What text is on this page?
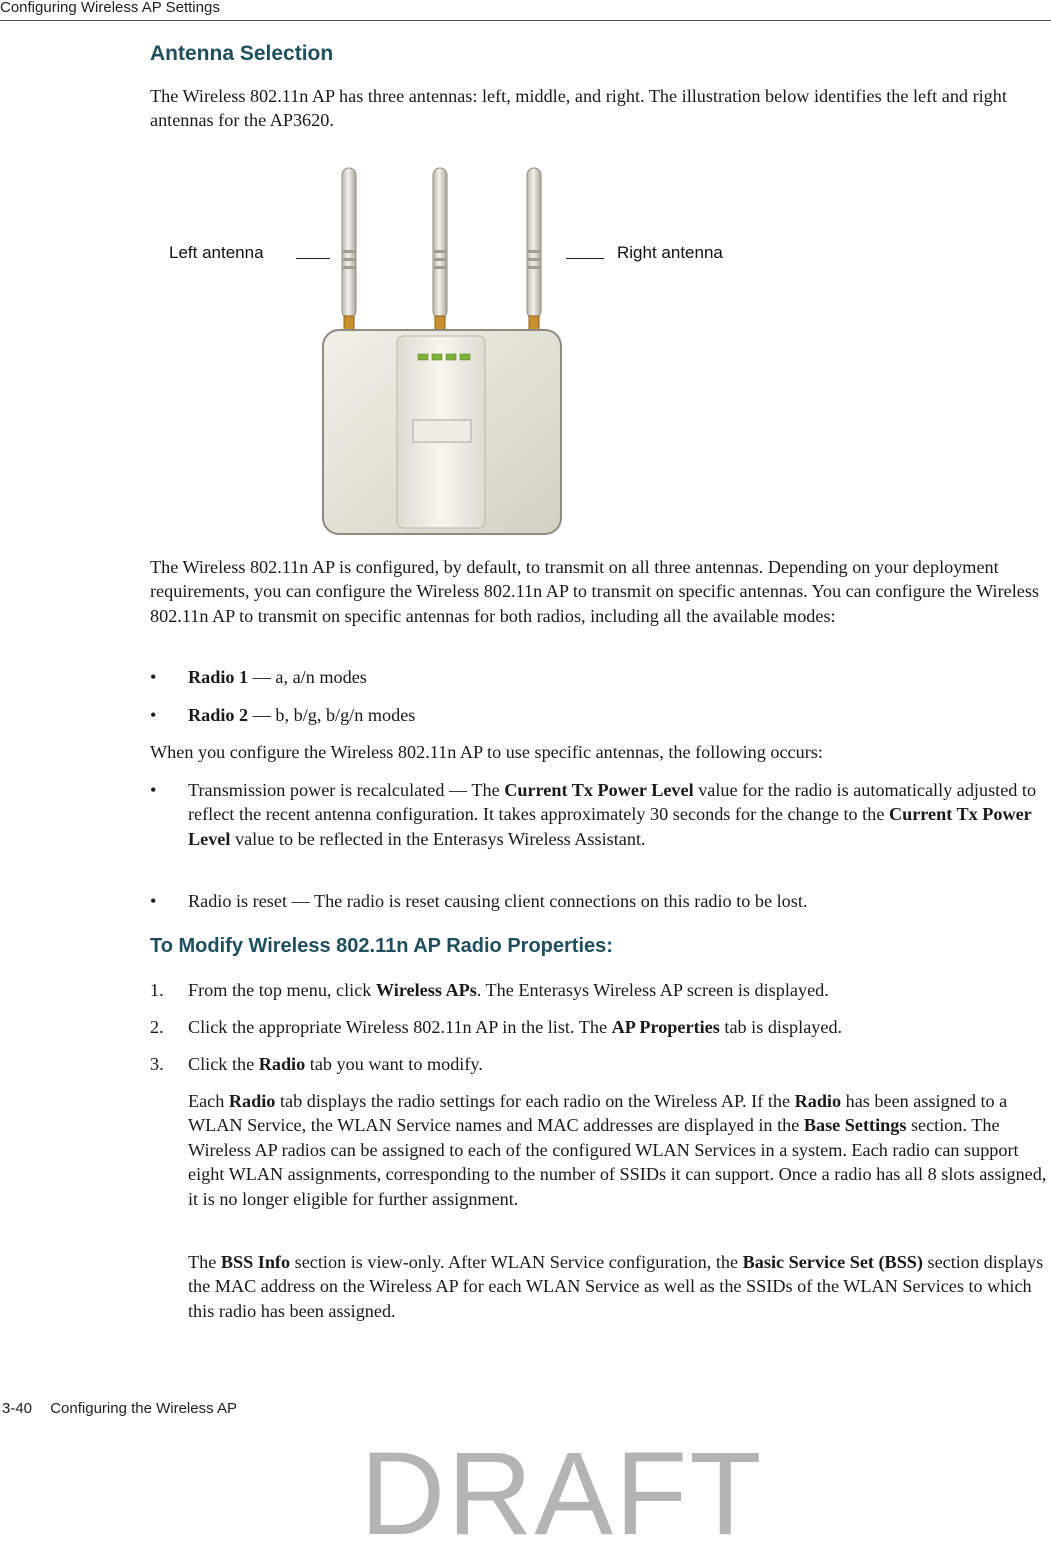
Configuring Wireless AP Settings
Antenna Selection

The Wireless 802.11n AP has three antennas: left, middle, and right. The illustration below identifies the left and right antennas for the AP3620.

Left antenna	Right antenna

The Wireless 802.11n AP is configured, by default, to transmit on all three antennas. Depending on your deployment requirements, you can configure the Wireless 802.11n AP to transmit on specific antennas. You can configure the Wireless 802.11n AP to transmit on specific antennas for both radios, including all the available modes:

• Radio 1 — a, a/n modes
• Radio 2 — b, b/g, b/g/n modes

When you configure the Wireless 802.11n AP to use specific antennas, the following occurs:

• Transmission power is recalculated — The Current Tx Power Level value for the radio is automatically adjusted to reflect the recent antenna configuration. It takes approximately 30 seconds for the change to the Current Tx Power Level value to be reflected in the Enterasys Wireless Assistant.
• Radio is reset — The radio is reset causing client connections on this radio to be lost.
To Modify Wireless 802.11n AP Radio Properties:
1. From the top menu, click Wireless APs. The Enterasys Wireless AP screen is displayed.
2. Click the appropriate Wireless 802.11n AP in the list. The AP Properties tab is displayed.
3. Click the Radio tab you want to modify.

Each Radio tab displays the radio settings for each radio on the Wireless AP. If the Radio has been assigned to a WLAN Service, the WLAN Service names and MAC addresses are displayed in the Base Settings section. The Wireless AP radios can be assigned to each of the configured WLAN Services in a system. Each radio can support eight WLAN assignments, corresponding to the number of SSIDs it can support. Once a radio has all 8 slots assigned, it is no longer eligible for further assignment.

The BSS Info section is view-only. After WLAN Service configuration, the Basic Service Set (BSS) section displays the MAC address on the Wireless AP for each WLAN Service as well as the SSIDs of the WLAN Services to which this radio has been assigned.

3-40 Configuring the Wireless AP
DRAFT
